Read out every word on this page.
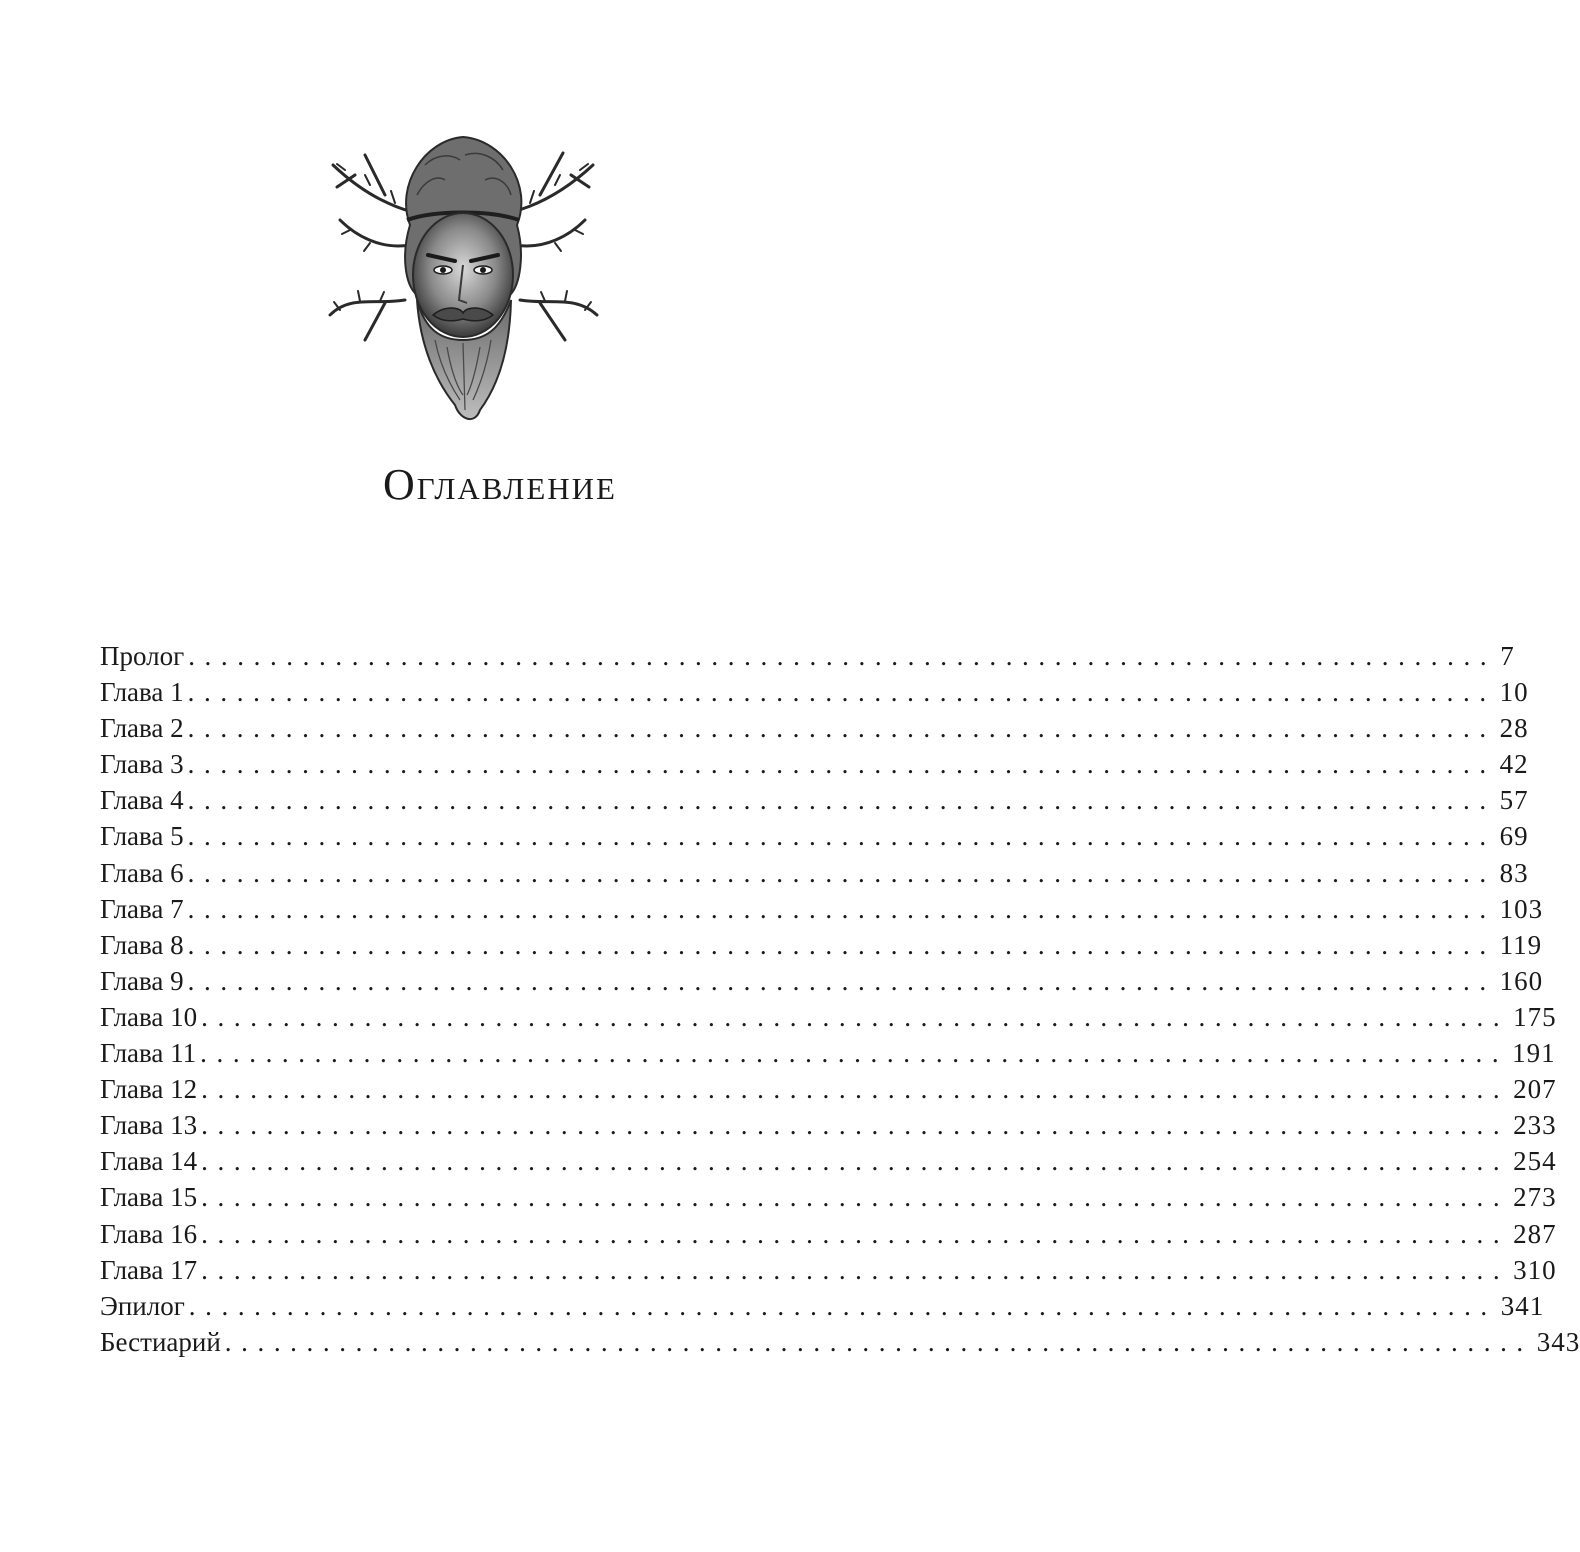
Оглавление
Пролог ................................................................................ 7
Глава 1 ................................................................................ 10
Глава 2 ................................................................................ 28
Глава 3 ................................................................................ 42
Глава 4 ................................................................................ 57
Глава 5 ................................................................................ 69
Глава 6 ................................................................................ 83
Глава 7 ................................................................................ 103
Глава 8 ................................................................................ 119
Глава 9 ................................................................................ 160
Глава 10 ................................................................................ 175
Глава 11 ................................................................................ 191
Глава 12 ................................................................................ 207
Глава 13 ................................................................................ 233
Глава 14 ................................................................................ 254
Глава 15 ................................................................................ 273
Глава 16 ................................................................................ 287
Глава 17 ................................................................................ 310
Эпилог ................................................................................ 341
Бестиарий ................................................................................ 343
